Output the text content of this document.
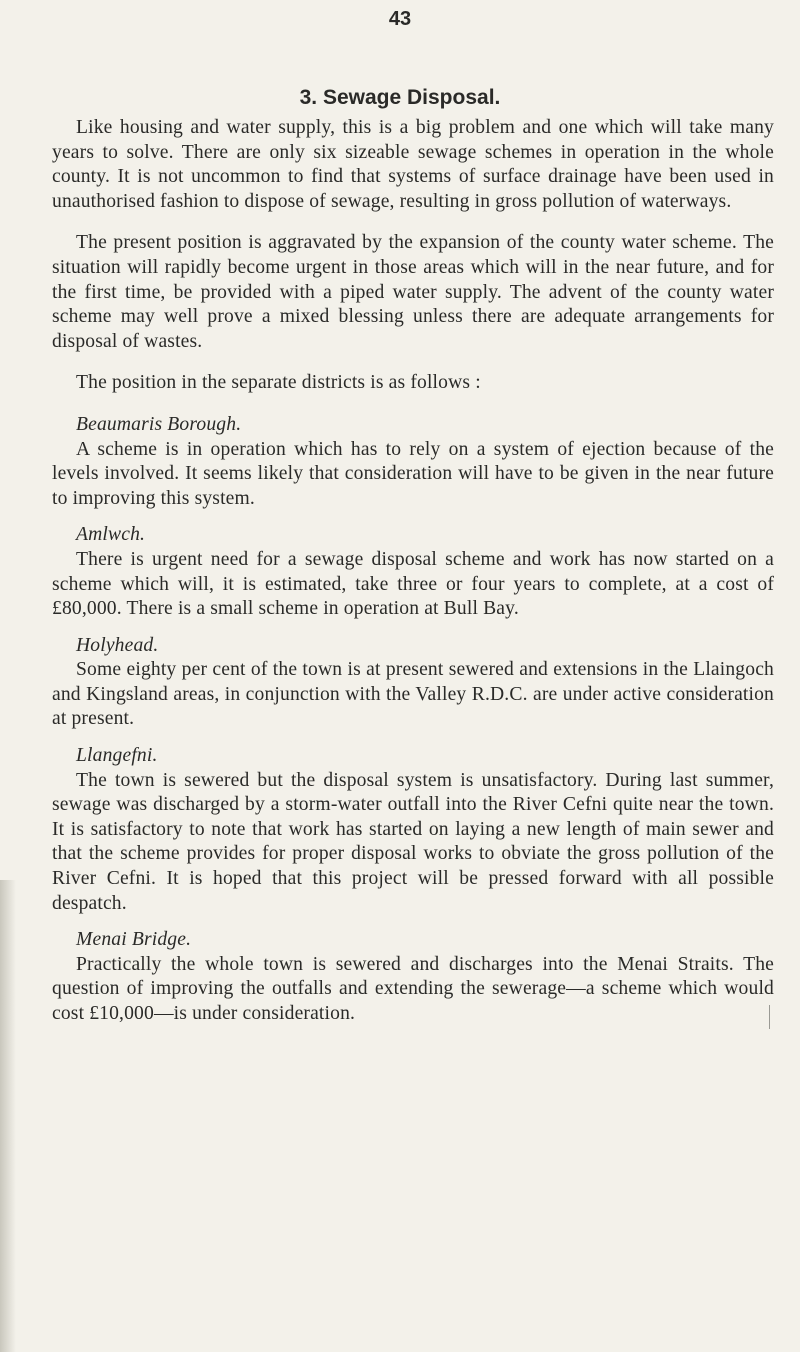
43
3. Sewage Disposal.

Like housing and water supply, this is a big problem and one which will take many years to solve. There are only six sizeable sewage schemes in operation in the whole county. It is not uncommon to find that systems of surface drainage have been used in unauthorised fashion to dispose of sewage, resulting in gross pollution of waterways.

The present position is aggravated by the expansion of the county water scheme. The situation will rapidly become urgent in those areas which will in the near future, and for the first time, be provided with a piped water supply. The advent of the county water scheme may well prove a mixed blessing unless there are adequate arrangements for disposal of wastes.

The position in the separate districts is as follows :

Beaumaris Borough.

A scheme is in operation which has to rely on a system of ejection because of the levels involved. It seems likely that consideration will have to be given in the near future to improving this system.

Amlwch.

There is urgent need for a sewage disposal scheme and work has now started on a scheme which will, it is estimated, take three or four years to complete, at a cost of £80,000. There is a small scheme in operation at Bull Bay.

Holyhead.

Some eighty per cent of the town is at present sewered and extensions in the Llaingoch and Kingsland areas, in conjunction with the Valley R.D.C. are under active consideration at present.

Llangefni.

The town is sewered but the disposal system is unsatisfactory. During last summer, sewage was discharged by a storm-water outfall into the River Cefni quite near the town. It is satisfactory to note that work has started on laying a new length of main sewer and that the scheme provides for proper disposal works to obviate the gross pollution of the River Cefni. It is hoped that this project will be pressed forward with all possible despatch.

Menai Bridge.

Practically the whole town is sewered and discharges into the Menai Straits. The question of improving the outfalls and extending the sewerage—a scheme which would cost £10,000—is under consideration.
